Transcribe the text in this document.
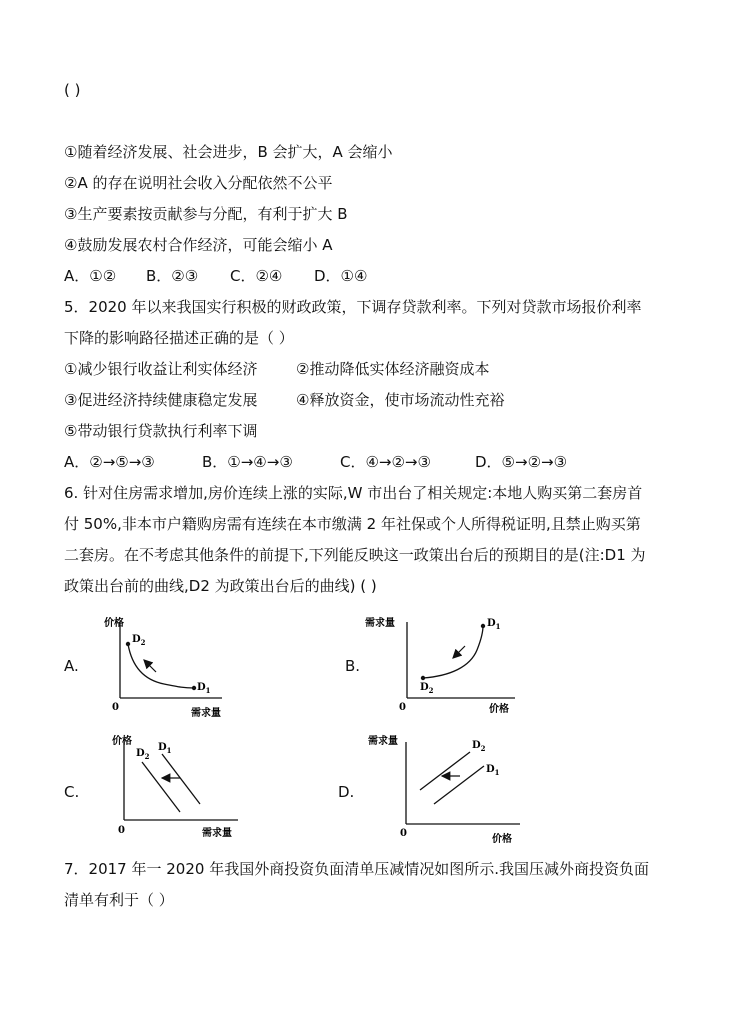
( )
①随着经济发展、社会进步，B 会扩大，A 会缩小
②A 的存在说明社会收入分配依然不公平
③生产要素按贡献参与分配，有利于扩大 B
④鼓励发展农村合作经济，可能会缩小 A
A．①② B．②③ C．②④ D．①④
5．2020 年以来我国实行积极的财政政策，下调存贷款利率。下列对贷款市场报价利率
下降的影响路径描述正确的是（ ）
①减少银行收益让利实体经济	②推动降低实体经济融资成本
③促进经济持续健康稳定发展	④释放资金，使市场流动性充裕
⑤带动银行贷款执行利率下调
A．②→⑤→③	B．①→④→③	C．④→②→③	D．⑤→②→③
6. 针对住房需求增加,房价连续上涨的实际,W 市出台了相关规定:本地人购买第二套房首
付 50%,非本市户籍购房需有连续在本市缴满 2 年社保或个人所得税证明,且禁止购买第
二套房。在不考虑其他条件的前提下,下列能反映这一政策出台后的预期目的是(注:D1 为
政策出台前的曲线,D2 为政策出台后的曲线) ( )
A.
价格
需求量
0
$D_2$
$D_1$
B.
需求量
价格
0
$D_1$
$D_2$
C.
价格
需求量
0
$D_2$
$D_1$
D.
需求量
价格
0
$D_2$
$D_1$
7．2017 年一 2020 年我国外商投资负面清单压减情况如图所示.我国压减外商投资负面
清单有利于（ ）
